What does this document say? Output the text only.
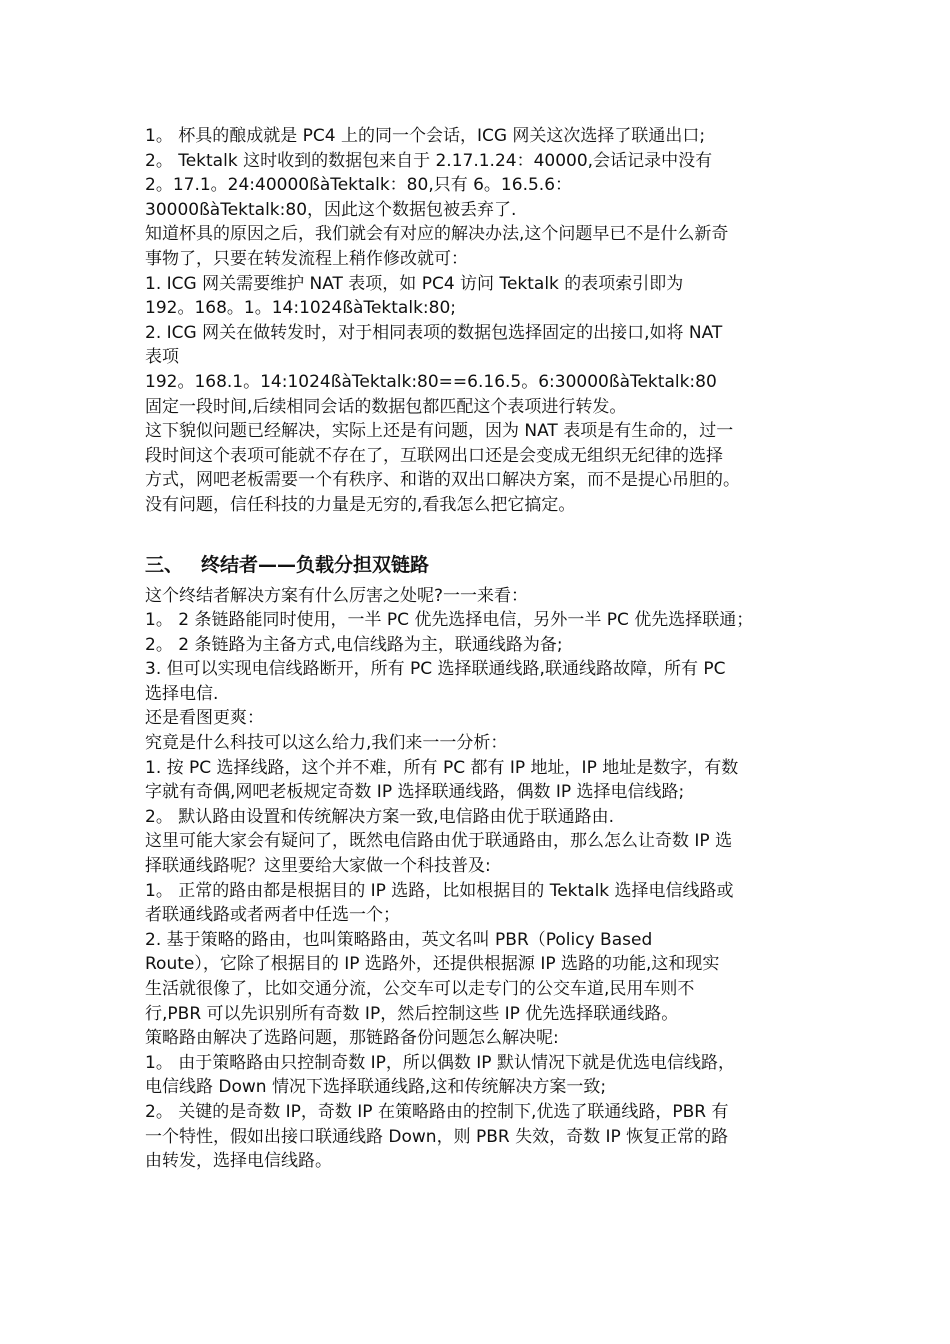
1。 杯具的酿成就是 PC4 上的同一个会话，ICG 网关这次选择了联通出口;

2。 Tektalk 这时收到的数据包来自于 2.17.1.24：40000,会话记录中没有

2。17.1。24:40000ßàTektalk：80,只有 6。16.5.6：

30000ßàTektalk:80，因此这个数据包被丢弃了.

知道杯具的原因之后，我们就会有对应的解决办法,这个问题早已不是什么新奇

事物了，只要在转发流程上稍作修改就可：

1. ICG 网关需要维护 NAT 表项，如 PC4 访问 Tektalk 的表项索引即为

192。168。1。14:1024ßàTektalk:80;

2. ICG 网关在做转发时，对于相同表项的数据包选择固定的出接口,如将 NAT

表项

192。168.1。14:1024ßàTektalk:80==6.16.5。6:30000ßàTektalk:80

固定一段时间,后续相同会话的数据包都匹配这个表项进行转发。

这下貌似问题已经解决，实际上还是有问题，因为 NAT 表项是有生命的，过一

段时间这个表项可能就不存在了，互联网出口还是会变成无组织无纪律的选择

方式，网吧老板需要一个有秩序、和谐的双出口解决方案，而不是提心吊胆的。

没有问题，信任科技的力量是无穷的,看我怎么把它搞定。

三、 终结者——负载分担双链路

这个终结者解决方案有什么厉害之处呢?一一来看：

1。 2 条链路能同时使用，一半 PC 优先选择电信，另外一半 PC 优先选择联通；

2。 2 条链路为主备方式,电信线路为主，联通线路为备;

3. 但可以实现电信线路断开，所有 PC 选择联通线路,联通线路故障，所有 PC

选择电信.

还是看图更爽：

究竟是什么科技可以这么给力,我们来一一分析：

1. 按 PC 选择线路，这个并不难，所有 PC 都有 IP 地址，IP 地址是数字，有数

字就有奇偶,网吧老板规定奇数 IP 选择联通线路，偶数 IP 选择电信线路;

2。 默认路由设置和传统解决方案一致,电信路由优于联通路由.

这里可能大家会有疑问了，既然电信路由优于联通路由，那么怎么让奇数 IP 选

择联通线路呢？这里要给大家做一个科技普及:

1。 正常的路由都是根据目的 IP 选路，比如根据目的 Tektalk 选择电信线路或

者联通线路或者两者中任选一个；

2. 基于策略的路由，也叫策略路由，英文名叫 PBR（Policy Based

Route），它除了根据目的 IP 选路外，还提供根据源 IP 选路的功能,这和现实

生活就很像了，比如交通分流，公交车可以走专门的公交车道,民用车则不

行,PBR 可以先识别所有奇数 IP，然后控制这些 IP 优先选择联通线路。

策略路由解决了选路问题，那链路备份问题怎么解决呢:

1。 由于策略路由只控制奇数 IP，所以偶数 IP 默认情况下就是优选电信线路，

电信线路 Down 情况下选择联通线路,这和传统解决方案一致;

2。 关键的是奇数 IP，奇数 IP 在策略路由的控制下,优选了联通线路，PBR 有

一个特性，假如出接口联通线路 Down，则 PBR 失效，奇数 IP 恢复正常的路

由转发，选择电信线路。
